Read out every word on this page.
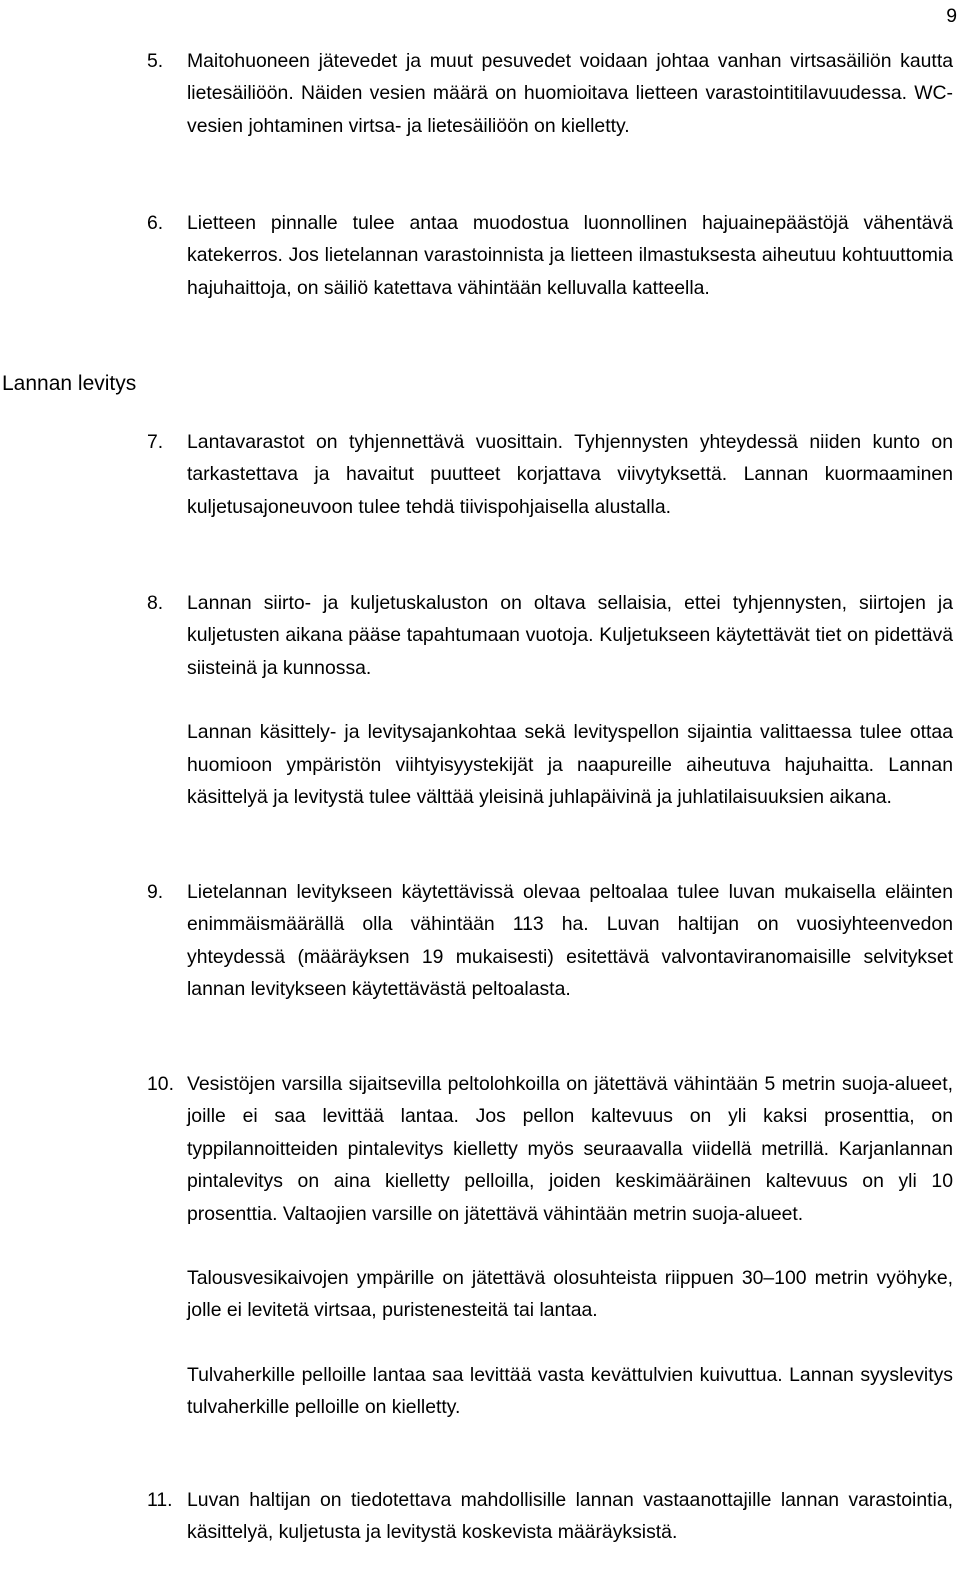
9
Lannan levitys
5. Maitohuoneen jätevedet ja muut pesuvedet voidaan johtaa vanhan virtsasäiliön kautta lietesäiliöön. Näiden vesien määrä on huomioitava lietteen varastointitilavuudessa. WC-vesien johtaminen virtsa- ja lietesäiliöön on kielletty.

6. Lietteen pinnalle tulee antaa muodostua luonnollinen hajuainepäästöjä vähentävä katekerros. Jos lietelannan varastoinnista ja lietteen ilmastuksesta aiheutuu kohtuuttomia hajuhaittoja, on säiliö katettava vähintään kelluvalla katteella.

7. Lantavarastot on tyhjennettävä vuosittain. Tyhjennysten yhteydessä niiden kunto on tarkastettava ja havaitut puutteet korjattava viivytyksettä. Lannan kuormaaminen kuljetusajoneuvoon tulee tehdä tiivispohjaisella alustalla.

8. Lannan siirto- ja kuljetuskaluston on oltava sellaisia, ettei tyhjennysten, siirtojen ja kuljetusten aikana pääse tapahtumaan vuotoja. Kuljetukseen käytettävät tiet on pidettävä siisteinä ja kunnossa.

Lannan käsittely- ja levitysajankohtaa sekä levityspellon sijaintia valittaessa tulee ottaa huomioon ympäristön viihtyisyystekijät ja naapureille aiheutuva hajuhaitta. Lannan käsittelyä ja levitystä tulee välttää yleisinä juhlapäivinä ja juhlatilaisuuksien aikana.

9. Lietelannan levitykseen käytettävissä olevaa peltoalaa tulee luvan mukaisella eläinten enimmäismäärällä olla vähintään 113 ha. Luvan haltijan on vuosiyhteenvedon yhteydessä (määräyksen 19 mukaisesti) esitettävä valvontaviranomaisille selvitykset lannan levitykseen käytettävästä peltoalasta.

10. Vesistöjen varsilla sijaitsevilla peltolohkoilla on jätettävä vähintään 5 metrin suoja-alueet, joille ei saa levittää lantaa. Jos pellon kaltevuus on yli kaksi prosenttia, on typpilannoitteiden pintalevitys kielletty myös seuraavalla viidellä metrillä. Karjanlannan pintalevitys on aina kielletty pelloilla, joiden keskimääräinen kaltevuus on yli 10 prosenttia. Valtaojien varsille on jätettävä vähintään metrin suoja-alueet.

Talousvesikaivojen ympärille on jätettävä olosuhteista riippuen 30–100 metrin vyöhyke, jolle ei levitetä virtsaa, puristenesteitä tai lantaa.

Tulvaherkille pelloille lantaa saa levittää vasta kevättulvien kuivuttua. Lannan syyslevitys tulvaherkille pelloille on kielletty.

11. Luvan haltijan on tiedotettava mahdollisille lannan vastaanottajille lannan varastointia, käsittelyä, kuljetusta ja levitystä koskevista määräyksistä.
